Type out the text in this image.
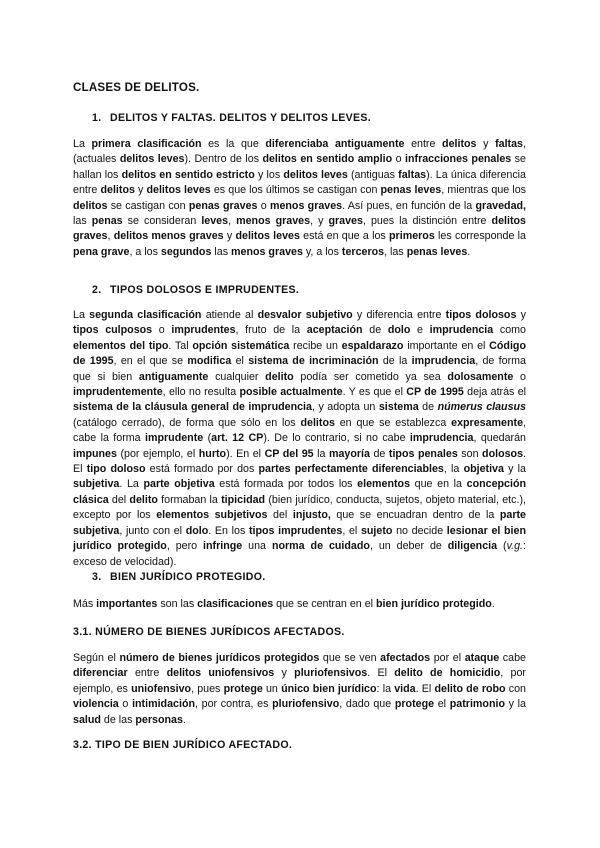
CLASES DE DELITOS.
1. DELITOS Y FALTAS. DELITOS Y DELITOS LEVES.
La primera clasificación es la que diferenciaba antiguamente entre delitos y faltas, (actuales delitos leves). Dentro de los delitos en sentido amplio o infracciones penales se hallan los delitos en sentido estricto y los delitos leves (antiguas faltas). La única diferencia entre delitos y delitos leves es que los últimos se castigan con penas leves, mientras que los delitos se castigan con penas graves o menos graves. Así pues, en función de la gravedad, las penas se consideran leves, menos graves, y graves, pues la distinción entre delitos graves, delitos menos graves y delitos leves está en que a los primeros les corresponde la pena grave, a los segundos las menos graves y, a los terceros, las penas leves.
2. TIPOS DOLOSOS E IMPRUDENTES.
La segunda clasificación atiende al desvalor subjetivo y diferencia entre tipos dolosos y tipos culposos o imprudentes, fruto de la aceptación de dolo e imprudencia como elementos del tipo. Tal opción sistemática recibe un espaldarazo importante en el Código de 1995, en el que se modifica el sistema de incriminación de la imprudencia, de forma que si bien antiguamente cualquier delito podía ser cometido ya sea dolosamente o imprudentemente, ello no resulta posible actualmente. Y es que el CP de 1995 deja atrás el sistema de la cláusula general de imprudencia, y adopta un sistema de númerus clausus (catálogo cerrado), de forma que sólo en los delitos en que se establezca expresamente, cabe la forma imprudente (art. 12 CP). De lo contrario, si no cabe imprudencia, quedarán impunes (por ejemplo, el hurto). En el CP del 95 la mayoría de tipos penales son dolosos. El tipo doloso está formado por dos partes perfectamente diferenciables, la objetiva y la subjetiva. La parte objetiva está formada por todos los elementos que en la concepción clásica del delito formaban la tipicidad (bien jurídico, conducta, sujetos, objeto material, etc.), excepto por los elementos subjetivos del injusto, que se encuadran dentro de la parte subjetiva, junto con el dolo. En los tipos imprudentes, el sujeto no decide lesionar el bien jurídico protegido, pero infringe una norma de cuidado, un deber de diligencia (v.g.: exceso de velocidad).
3. BIEN JURÍDICO PROTEGIDO.
Más importantes son las clasificaciones que se centran en el bien jurídico protegido.
3.1. NÚMERO DE BIENES JURÍDICOS AFECTADOS.
Según el número de bienes jurídicos protegidos que se ven afectados por el ataque cabe diferenciar entre delitos uniofensivos y pluriofensivos. El delito de homicidio, por ejemplo, es uniofensivo, pues protege un único bien jurídico: la vida. El delito de robo con violencia o intimidación, por contra, es pluriofensivo, dado que protege el patrimonio y la salud de las personas.
3.2. TIPO DE BIEN JURÍDICO AFECTADO.
